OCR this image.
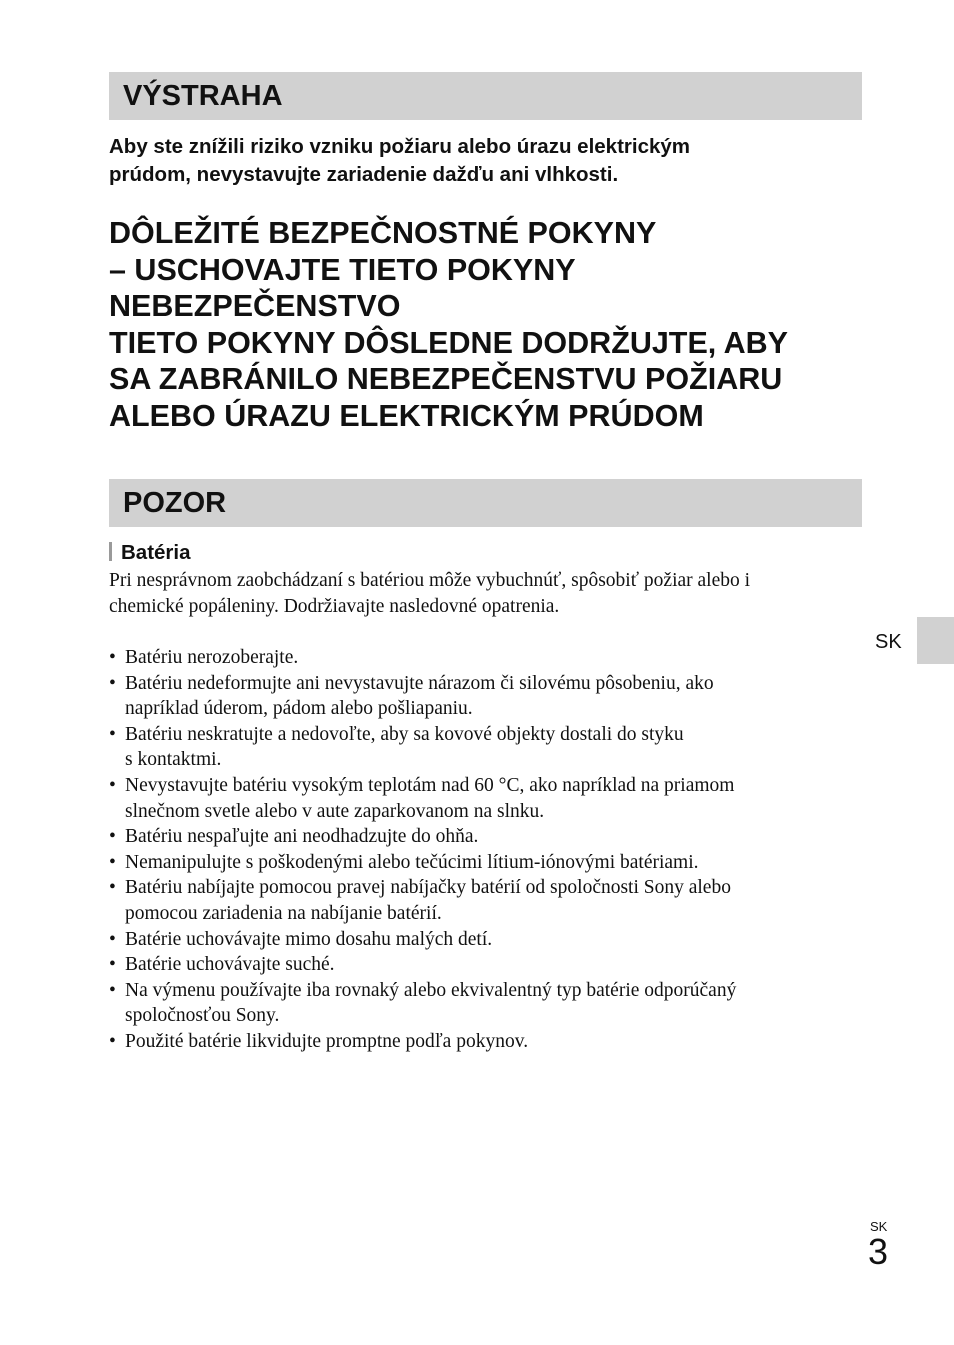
VÝSTRAHA
Aby ste znížili riziko vzniku požiaru alebo úrazu elektrickým
prúdom, nevystavujte zariadenie dažďu ani vlhkosti.
DÔLEŽITÉ BEZPEČNOSTNÉ POKYNY
– USCHOVAJTE TIETO POKYNY
NEBEZPEČENSTVO
TIETO POKYNY DÔSLEDNE DODRŽUJTE, ABY
SA ZABRÁNILO NEBEZPEČENSTVU POŽIARU
ALEBO ÚRAZU ELEKTRICKÝM PRÚDOM
POZOR
Batéria
Pri nesprávnom zaobchádzaní s batériou môže vybuchnúť, spôsobiť požiar alebo i
chemické popáleniny. Dodržiavajte nasledovné opatrenia.
• Batériu nerozoberajte.
• Batériu nedeformujte ani nevystavujte nárazom či silovému pôsobeniu, ako
napríklad úderom, pádom alebo pošliapaniu.
• Batériu neskratujte a nedovoľte, aby sa kovové objekty dostali do styku
s kontaktmi.
• Nevystavujte batériu vysokým teplotám nad 60 °C, ako napríklad na priamom
slnečnom svetle alebo v aute zaparkovanom na slnku.
• Batériu nespaľujte ani neodhadzujte do ohňa.
• Nemanipulujte s poškodenými alebo tečúcimi lítium-iónovými batériami.
• Batériu nabíjajte pomocou pravej nabíjačky batérií od spoločnosti Sony alebo
pomocou zariadenia na nabíjanie batérií.
• Batérie uchovávajte mimo dosahu malých detí.
• Batérie uchovávajte suché.
• Na výmenu používajte iba rovnaký alebo ekvivalentný typ batérie odporúčaný
spoločnosťou Sony.
• Použité batérie likvidujte promptne podľa pokynov.
SK
SK
3
